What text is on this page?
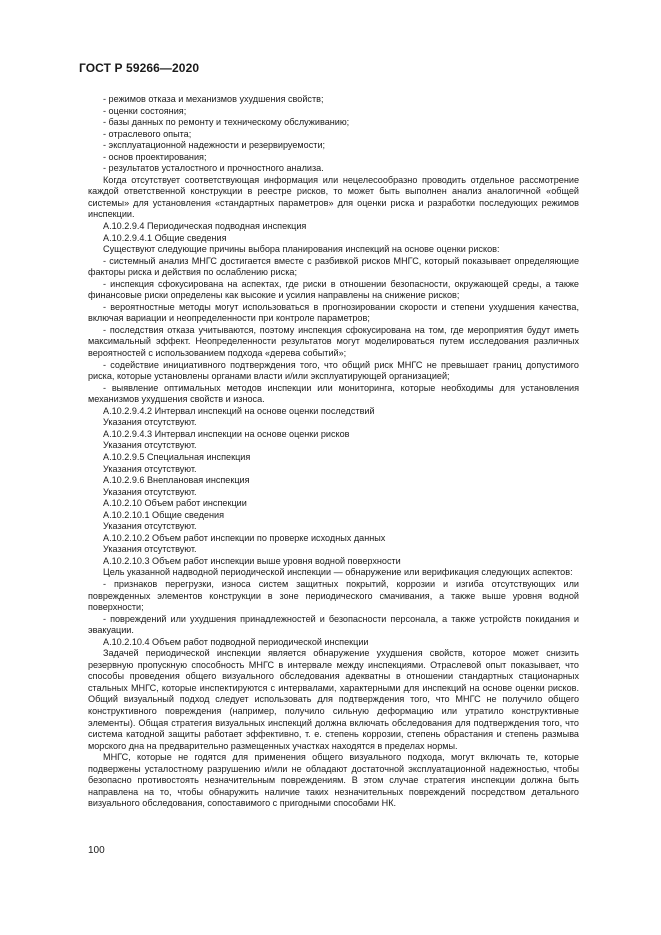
ГОСТ Р 59266—2020

- режимов отказа и механизмов ухудшения свойств;

- оценки состояния;

- базы данных по ремонту и техническому обслуживанию;

- отраслевого опыта;

- эксплуатационной надежности и резервируемости;

- основ проектирования;

- результатов усталостного и прочностного анализа.

Когда отсутствует соответствующая информация или нецелесообразно проводить отдельное рассмотрение каждой ответственной конструкции в реестре рисков, то может быть выполнен анализ аналогичной «общей системы» для установления «стандартных параметров» для оценки риска и разработки последующих режимов инспекции.

А.10.2.9.4 Периодическая подводная инспекция

А.10.2.9.4.1 Общие сведения

Существуют следующие причины выбора планирования инспекций на основе оценки рисков:

- системный анализ МНГС достигается вместе с разбивкой рисков МНГС, который показывает определяющие факторы риска и действия по ослаблению риска;

- инспекция сфокусирована на аспектах, где риски в отношении безопасности, окружающей среды, а также финансовые риски определены как высокие и усилия направлены на снижение рисков;

- вероятностные методы могут использоваться в прогнозировании скорости и степени ухудшения качества, включая вариации и неопределенности при контроле параметров;

- последствия отказа учитываются, поэтому инспекция сфокусирована на том, где мероприятия будут иметь максимальный эффект. Неопределенности результатов могут моделироваться путем исследования различных вероятностей с использованием подхода «дерева событий»;

- содействие инициативного подтверждения того, что общий риск МНГС не превышает границ допустимого риска, которые установлены органами власти и/или эксплуатирующей организацией;

- выявление оптимальных методов инспекции или мониторинга, которые необходимы для установления механизмов ухудшения свойств и износа.

А.10.2.9.4.2 Интервал инспекций на основе оценки последствий

Указания отсутствуют.

А.10.2.9.4.3 Интервал инспекции на основе оценки рисков

Указания отсутствуют.

А.10.2.9.5 Специальная инспекция

Указания отсутствуют.

А.10.2.9.6 Внеплановая инспекция

Указания отсутствуют.

А.10.2.10 Объем работ инспекции

А.10.2.10.1 Общие сведения

Указания отсутствуют.

А.10.2.10.2 Объем работ инспекции по проверке исходных данных

Указания отсутствуют.

А.10.2.10.3 Объем работ инспекции выше уровня водной поверхности

Цель указанной надводной периодической инспекции — обнаружение или верификация следующих аспектов:

- признаков перегрузки, износа систем защитных покрытий, коррозии и изгиба отсутствующих или поврежденных элементов конструкции в зоне периодического смачивания, а также выше уровня водной поверхности;

- повреждений или ухудшения принадлежностей и безопасности персонала, а также устройств покидания и эвакуации.

А.10.2.10.4 Объем работ подводной периодической инспекции

Задачей периодической инспекции является обнаружение ухудшения свойств, которое может снизить резервную пропускную способность МНГС в интервале между инспекциями. Отраслевой опыт показывает, что способы проведения общего визуального обследования адекватны в отношении стандартных стационарных стальных МНГС, которые инспектируются с интервалами, характерными для инспекций на основе оценки рисков. Общий визуальный подход следует использовать для подтверждения того, что МНГС не получило общего конструктивного повреждения (например, получило сильную деформацию или утратило конструктивные элементы). Общая стратегия визуальных инспекций должна включать обследования для подтверждения того, что система катодной защиты работает эффективно, т. е. степень коррозии, степень обрастания и степень размыва морского дна на предварительно размещенных участках находятся в пределах нормы.

МНГС, которые не годятся для применения общего визуального подхода, могут включать те, которые подвержены усталостному разрушению и/или не обладают достаточной эксплуатационной надежностью, чтобы безопасно противостоять незначительным повреждениям. В этом случае стратегия инспекции должна быть направлена на то, чтобы обнаружить наличие таких незначительных повреждений посредством детального визуального обследования, сопоставимого с пригодными способами НК.

100
